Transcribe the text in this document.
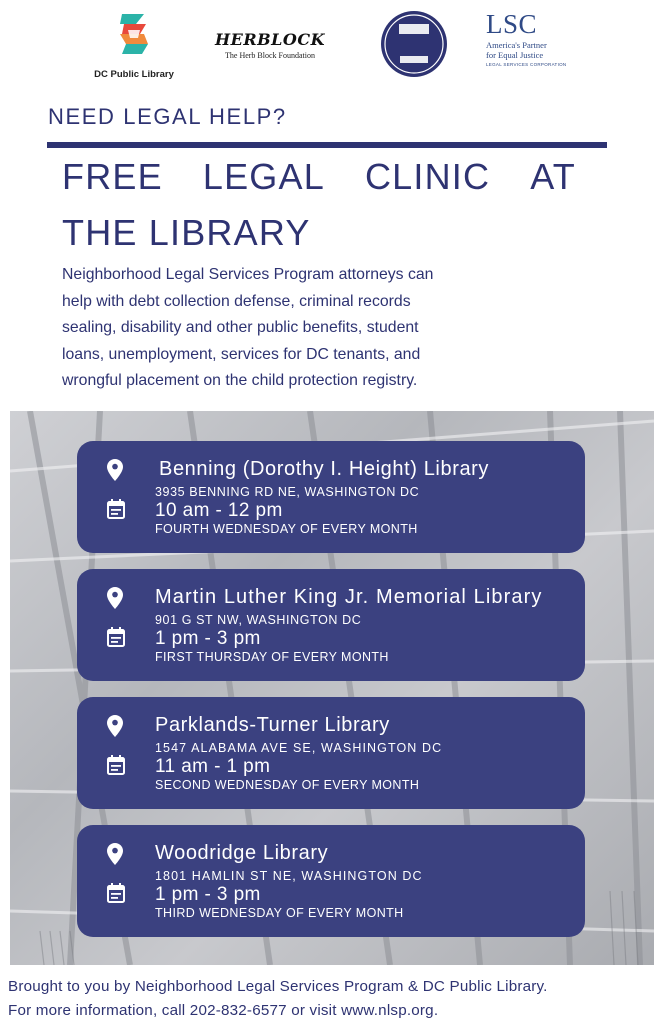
DC Public Library
HERBLOCK
The Herb Block Foundation
LSC
America's Partner
for Equal Justice
LEGAL SERVICES CORPORATION
NEED LEGAL HELP?
FREE LEGAL CLINIC AT
THE LIBRARY
Neighborhood Legal Services Program attorneys can
help with debt collection defense, criminal records
sealing, disability and other public benefits, student
loans, unemployment, services for DC tenants, and
wrongful placement on the child protection registry.
Benning (Dorothy I. Height) Library
3935 BENNING RD NE, WASHINGTON DC
10 am - 12 pm
FOURTH WEDNESDAY OF EVERY MONTH
Martin Luther King Jr. Memorial Library
901 G ST NW, WASHINGTON DC
1 pm - 3 pm
FIRST THURSDAY OF EVERY MONTH
Parklands-Turner Library
1547 ALABAMA AVE SE, WASHINGTON DC
11 am - 1 pm
SECOND WEDNESDAY OF EVERY MONTH
Woodridge Library
1801 HAMLIN ST NE, WASHINGTON DC
1 pm - 3 pm
THIRD WEDNESDAY OF EVERY MONTH
Brought to you by Neighborhood Legal Services Program & DC Public Library.
For more information, call 202-832-6577 or visit www.nlsp.org.
